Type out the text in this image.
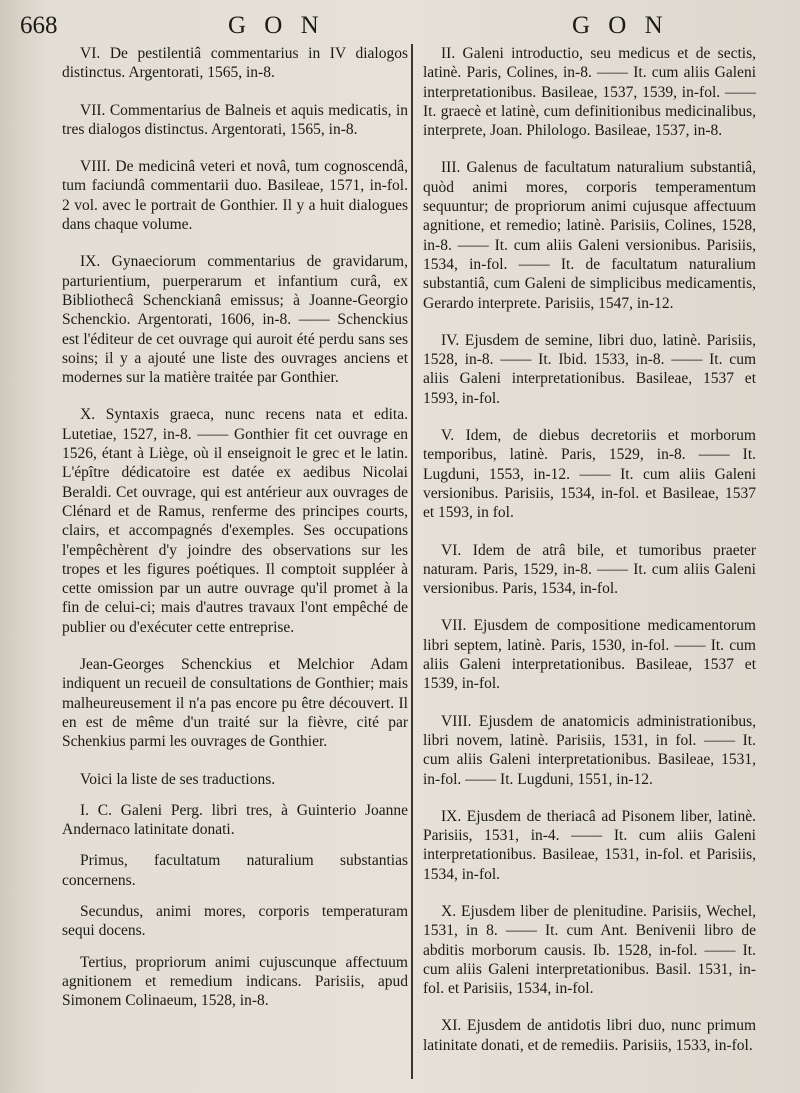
668	G O N	G O N

VI. De pestilentiâ commentarius in IV dialogos distinctus. Argentorati, 1565, in-8.

VII. Commentarius de Balneis et aquis medicatis, in tres dialogos distinctus. Argentorati, 1565, in-8.

VIII. De medicinâ veteri et novâ, tum cognoscendâ, tum faciundâ commentarii duo. Basileae, 1571, in-fol. 2 vol. avec le portrait de Gonthier. Il y a huit dialogues dans chaque volume.

IX. Gynaeciorum commentarius de gravidarum, parturientium, puerperarum et infantium curâ, ex Bibliothecâ Schenckianâ emissus; à Joanne-Georgio Schenckio. Argentorati, 1606, in-8. —— Schenckius est l'éditeur de cet ouvrage qui auroit été perdu sans ses soins; il y a ajouté une liste des ouvrages anciens et modernes sur la matière traitée par Gonthier.

X. Syntaxis graeca, nunc recens nata et edita. Lutetiae, 1527, in-8. —— Gonthier fit cet ouvrage en 1526, étant à Liège, où il enseignoit le grec et le latin. L'épître dédicatoire est datée ex aedibus Nicolai Beraldi. Cet ouvrage, qui est antérieur aux ouvrages de Clénard et de Ramus, renferme des principes courts, clairs, et accompagnés d'exemples. Ses occupations l'empêchèrent d'y joindre des observations sur les tropes et les figures poétiques. Il comptoit suppléer à cette omission par un autre ouvrage qu'il promet à la fin de celui-ci; mais d'autres travaux l'ont empêché de publier ou d'exécuter cette entreprise.

Jean-Georges Schenckius et Melchior Adam indiquent un recueil de consultations de Gonthier; mais malheureusement il n'a pas encore pu être découvert. Il en est de même d'un traité sur la fièvre, cité par Schenkius parmi les ouvrages de Gonthier.

Voici la liste de ses traductions.

I. C. Galeni Perg. libri tres, à Guinterio Joanne Andernaco latinitate donati.

Primus, facultatum naturalium substantias concernens.

Secundus, animi mores, corporis temperaturam sequi docens.

Tertius, propriorum animi cujuscunque affectuum agnitionem et remedium indicans. Parisiis, apud Simonem Colinaeum, 1528, in-8.

II. Galeni introductio, seu medicus et de sectis, latinè. Paris, Colines, in-8. —— It. cum aliis Galeni interpretationibus. Basileae, 1537, 1539, in-fol. —— It. graecè et latinè, cum definitionibus medicinalibus, interprete, Joan. Philologo. Basileae, 1537, in-8.

III. Galenus de facultatum naturalium substantiâ, quòd animi mores, corporis temperamentum sequuntur; de propriorum animi cujusque affectuum agnitione, et remedio; latinè. Parisiis, Colines, 1528, in-8. —— It. cum aliis Galeni versionibus. Parisiis, 1534, in-fol. —— It. de facultatum naturalium substantiâ, cum Galeni de simplicibus medicamentis, Gerardo interprete. Parisiis, 1547, in-12.

IV. Ejusdem de semine, libri duo, latinè. Parisiis, 1528, in-8. —— It. Ibid. 1533, in-8. —— It. cum aliis Galeni interpretationibus. Basileae, 1537 et 1593, in-fol.

V. Idem, de diebus decretoriis et morborum temporibus, latinè. Paris, 1529, in-8. —— It. Lugduni, 1553, in-12. —— It. cum aliis Galeni versionibus. Parisiis, 1534, in-fol. et Basileae, 1537 et 1593, in fol.

VI. Idem de atrâ bile, et tumoribus praeter naturam. Paris, 1529, in-8. —— It. cum aliis Galeni versionibus. Paris, 1534, in-fol.

VII. Ejusdem de compositione medicamentorum libri septem, latinè. Paris, 1530, in-fol. —— It. cum aliis Galeni interpretationibus. Basileae, 1537 et 1539, in-fol.

VIII. Ejusdem de anatomicis administrationibus, libri novem, latinè. Parisiis, 1531, in fol. —— It. cum aliis Galeni interpretationibus. Basileae, 1531, in-fol. —— It. Lugduni, 1551, in-12.

IX. Ejusdem de theriacâ ad Pisonem liber, latinè. Parisiis, 1531, in-4. —— It. cum aliis Galeni interpretationibus. Basileae, 1531, in-fol. et Parisiis, 1534, in-fol.

X. Ejusdem liber de plenitudine. Parisiis, Wechel, 1531, in 8. —— It. cum Ant. Benivenii libro de abditis morborum causis. Ib. 1528, in-fol. —— It. cum aliis Galeni interpretationibus. Basil. 1531, in-fol. et Parisiis, 1534, in-fol.

XI. Ejusdem de antidotis libri duo, nunc primum latinitate donati, et de remediis. Parisiis, 1533, in-fol.
